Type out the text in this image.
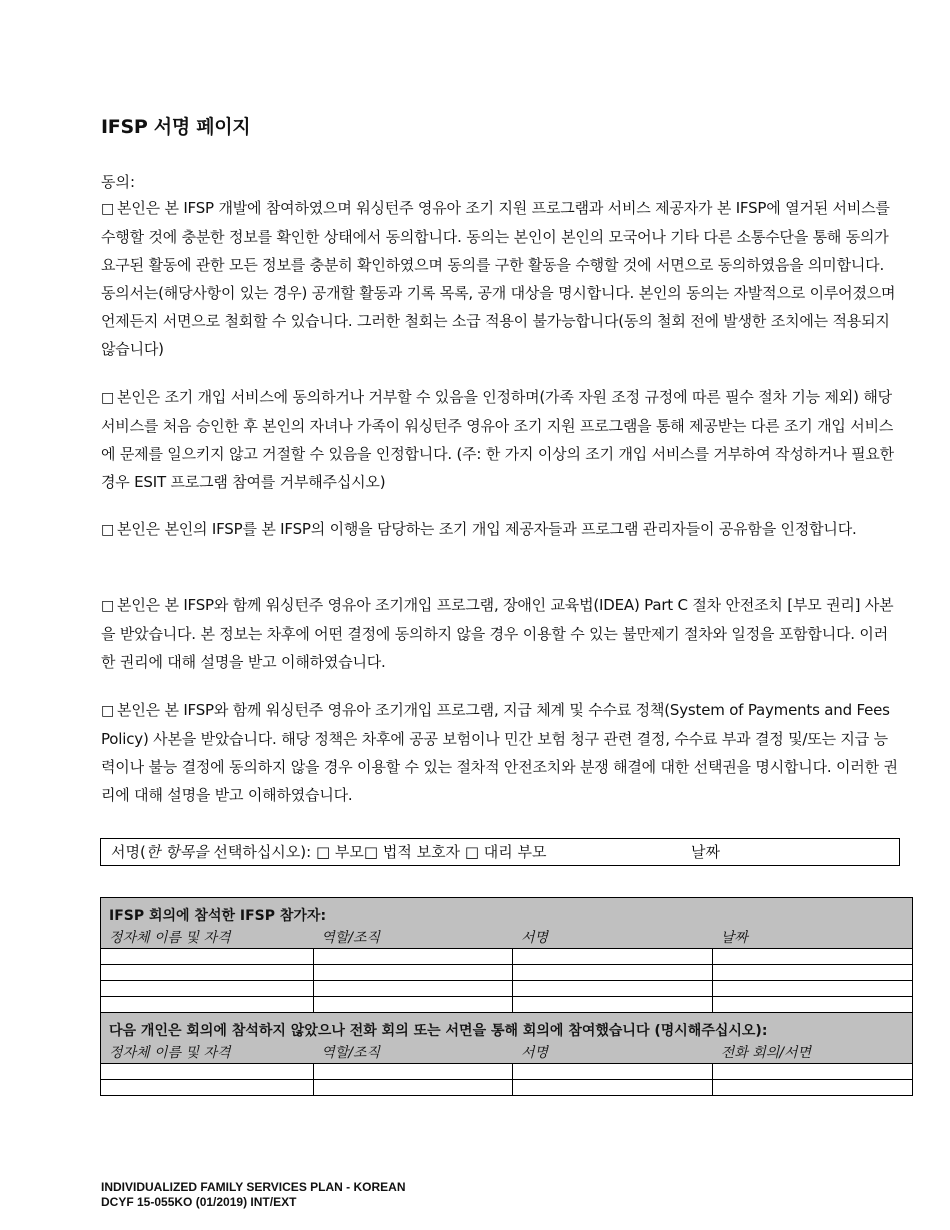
IFSP 서명 페이지
동의:
□ 본인은 본 IFSP 개발에 참여하였으며 워싱턴주 영유아 조기 지원 프로그램과 서비스 제공자가 본 IFSP에 열거된 서비스를 수행할 것에 충분한 정보를 확인한 상태에서 동의합니다. 동의는 본인이 본인의 모국어나 기타 다른 소통수단을 통해 동의가 요구된 활동에 관한 모든 정보를 충분히 확인하였으며 동의를 구한 활동을 수행할 것에 서면으로 동의하였음을 의미합니다. 동의서는(해당사항이 있는 경우) 공개할 활동과 기록 목록, 공개 대상을 명시합니다. 본인의 동의는 자발적으로 이루어졌으며 언제든지 서면으로 철회할 수 있습니다. 그러한 철회는 소급 적용이 불가능합니다(동의 철회 전에 발생한 조치에는 적용되지 않습니다)
□ 본인은 조기 개입 서비스에 동의하거나 거부할 수 있음을 인정하며(가족 자원 조정 규정에 따른 필수 절차 기능 제외) 해당 서비스를 처음 승인한 후 본인의 자녀나 가족이 워싱턴주 영유아 조기 지원 프로그램을 통해 제공받는 다른 조기 개입 서비스에 문제를 일으키지 않고 거절할 수 있음을 인정합니다. (주: 한 가지 이상의 조기 개입 서비스를 거부하여 작성하거나 필요한 경우 ESIT 프로그램 참여를 거부해주십시오)
□ 본인은 본인의 IFSP를 본 IFSP의 이행을 담당하는 조기 개입 제공자들과 프로그램 관리자들이 공유함을 인정합니다.
□ 본인은 본 IFSP와 함께 워싱턴주 영유아 조기개입 프로그램, 장애인 교육법(IDEA) Part C 절차 안전조치 [부모 권리] 사본을 받았습니다. 본 정보는 차후에 어떤 결정에 동의하지 않을 경우 이용할 수 있는 불만제기 절차와 일정을 포함합니다. 이러한 권리에 대해 설명을 받고 이해하였습니다.
□ 본인은 본 IFSP와 함께 워싱턴주 영유아 조기개입 프로그램, 지급 체계 및 수수료 정책(System of Payments and Fees Policy) 사본을 받았습니다. 해당 정책은 차후에 공공 보험이나 민간 보험 청구 관련 결정, 수수료 부과 결정 및/또는 지급 능력이나 불능 결정에 동의하지 않을 경우 이용할 수 있는 절차적 안전조치와 분쟁 해결에 대한 선택권을 명시합니다. 이러한 권리에 대해 설명을 받고 이해하였습니다.
서명(한 항목을 선택하십시오): □ 부모□ 법적 보호자 □ 대리 부모	날짜
IFSP 회의에 참석한 IFSP 참가자:			
정자체 이름 및 자격	역할/조직	서명	날짜

다음 개인은 회의에 참석하지 않았으나 전화 회의 또는 서면을 통해 회의에 참여했습니다 (명시해주십시오):			
정자체 이름 및 자격	역할/조직	서명	전화 회의/서면

INDIVIDUALIZED FAMILY SERVICES PLAN - KOREAN
DCYF 15-055KO (01/2019) INT/EXT
